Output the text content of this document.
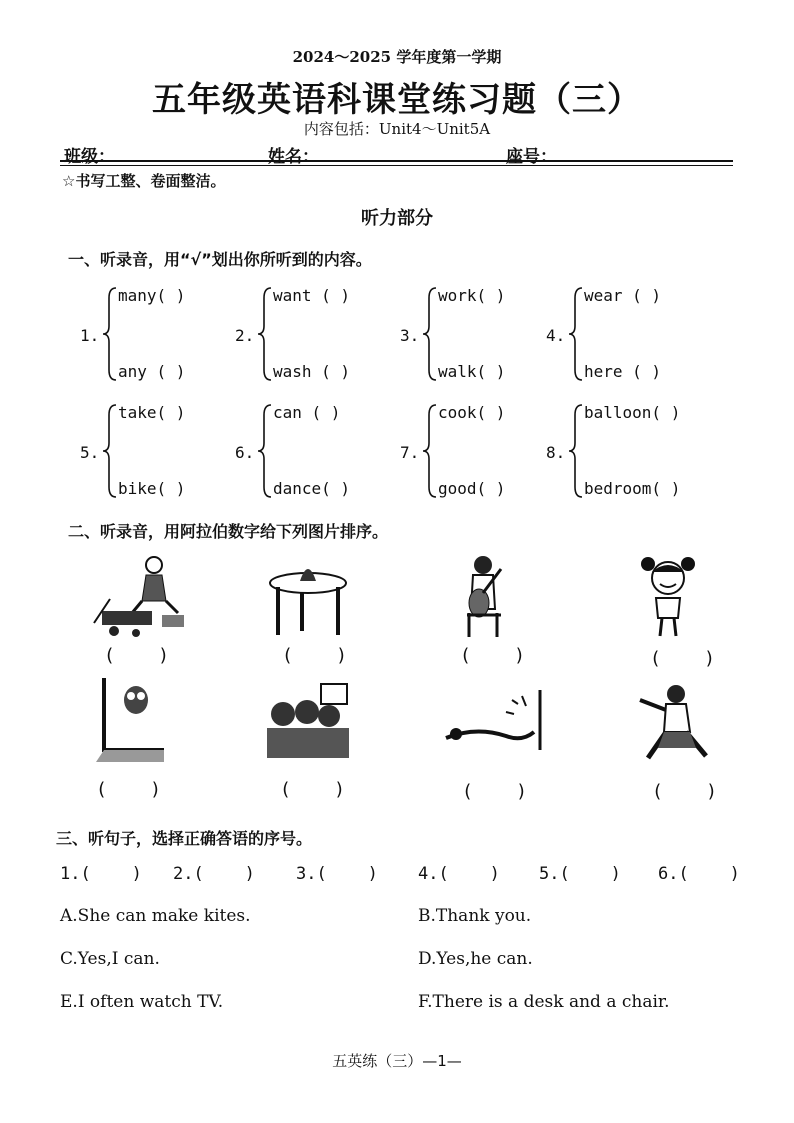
2024～2025 学年度第一学期
五年级英语科课堂练习题（三）
内容包括：Unit4～Unit5A
班级：	姓名：	座号：
☆书写工整、卷面整洁。
听力部分
一、听录音，用“√”划出你所听到的内容。
1.
many( )
any ( )
2.
want ( )
wash ( )
3.
work( )
walk( )
4.
wear ( )
here ( )
5.
take( )
bike( )
6.
can ( )
dance( )
7.
cook( )
good( )
8.
balloon( )
bedroom( )
二、听录音，用阿拉伯数字给下列图片排序。
(    )	(    )	(    )	(    )
(    )	(    )	(    )	(    )
三、听句子，选择正确答语的序号。
1.(    ) 2.(    ) 3.(    ) 4.(    ) 5.(    ) 6.(    )
A.She can make kites.	B.Thank you.
C.Yes,I can.	D.Yes,he can.
E.I often watch TV.	F.There is a desk and a chair.
五英练（三）—1—
